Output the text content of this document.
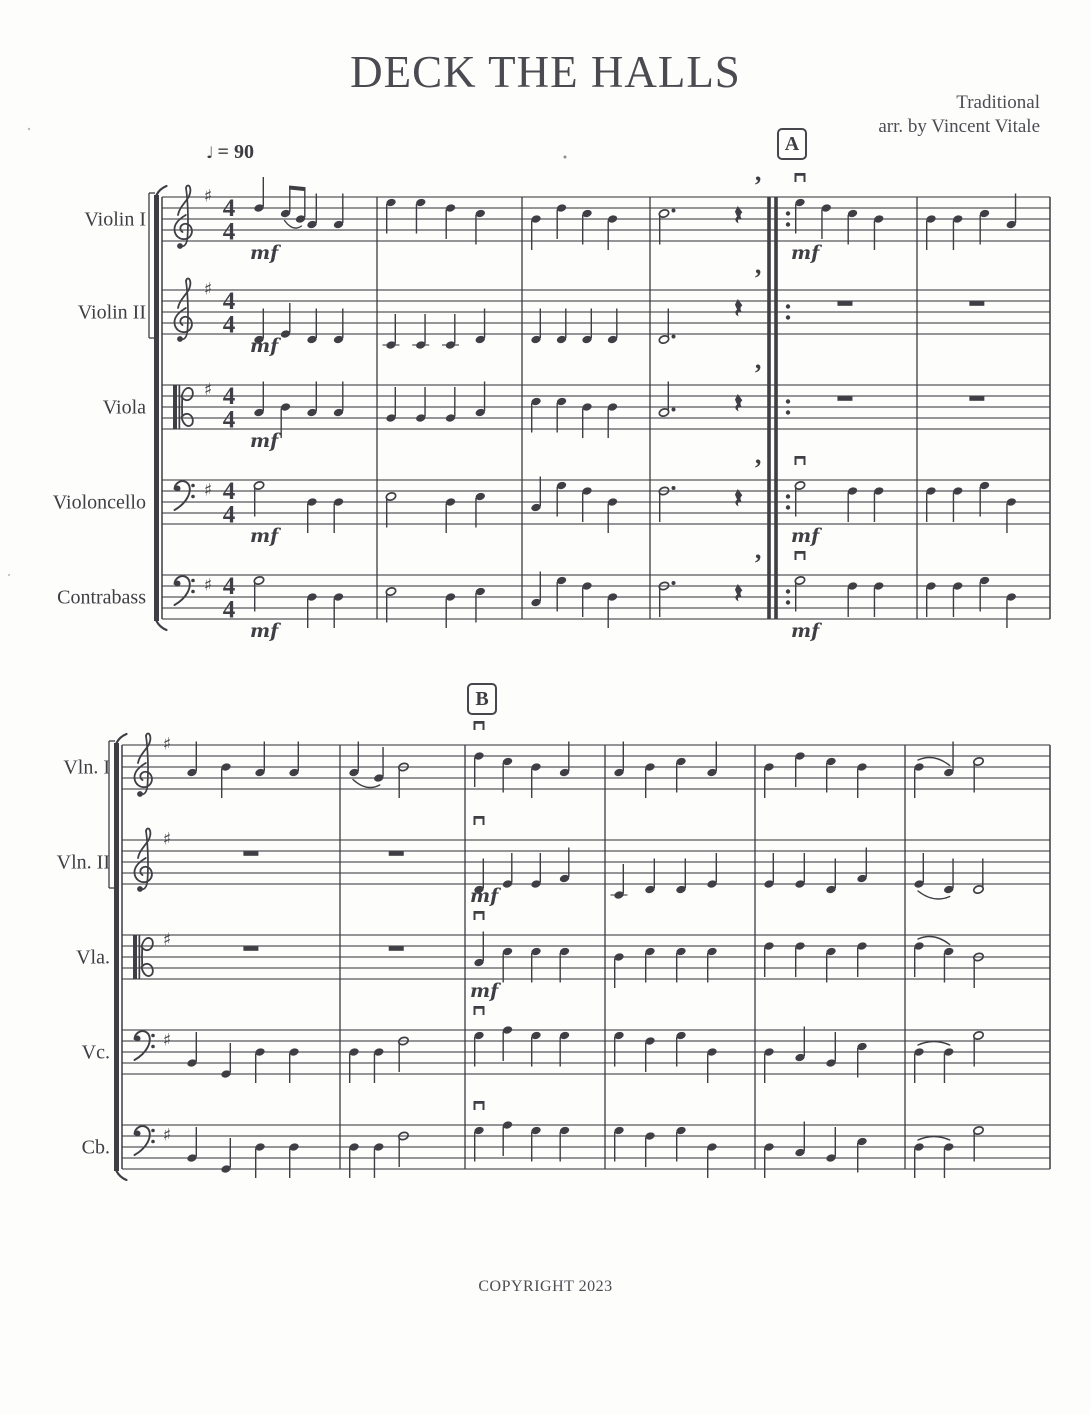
DECK THE HALLS
Traditional
arr. by Vincent Vitale
♩ = 90
Violin I
♯ 4
4
Violin II
♯ 4
4
Viola
♯ 4
4
Violoncello
♯ 4
4
Contrabass
♯ 4
4
mf
’
mf
mf
’
mf
’
mf
’
mf
mf
’
mf
Vln. I
♯
Vln. II
♯
Vla.
♯
Vc.
♯
Cb.
♯
mf
mf
A
B
COPYRIGHT 2023
